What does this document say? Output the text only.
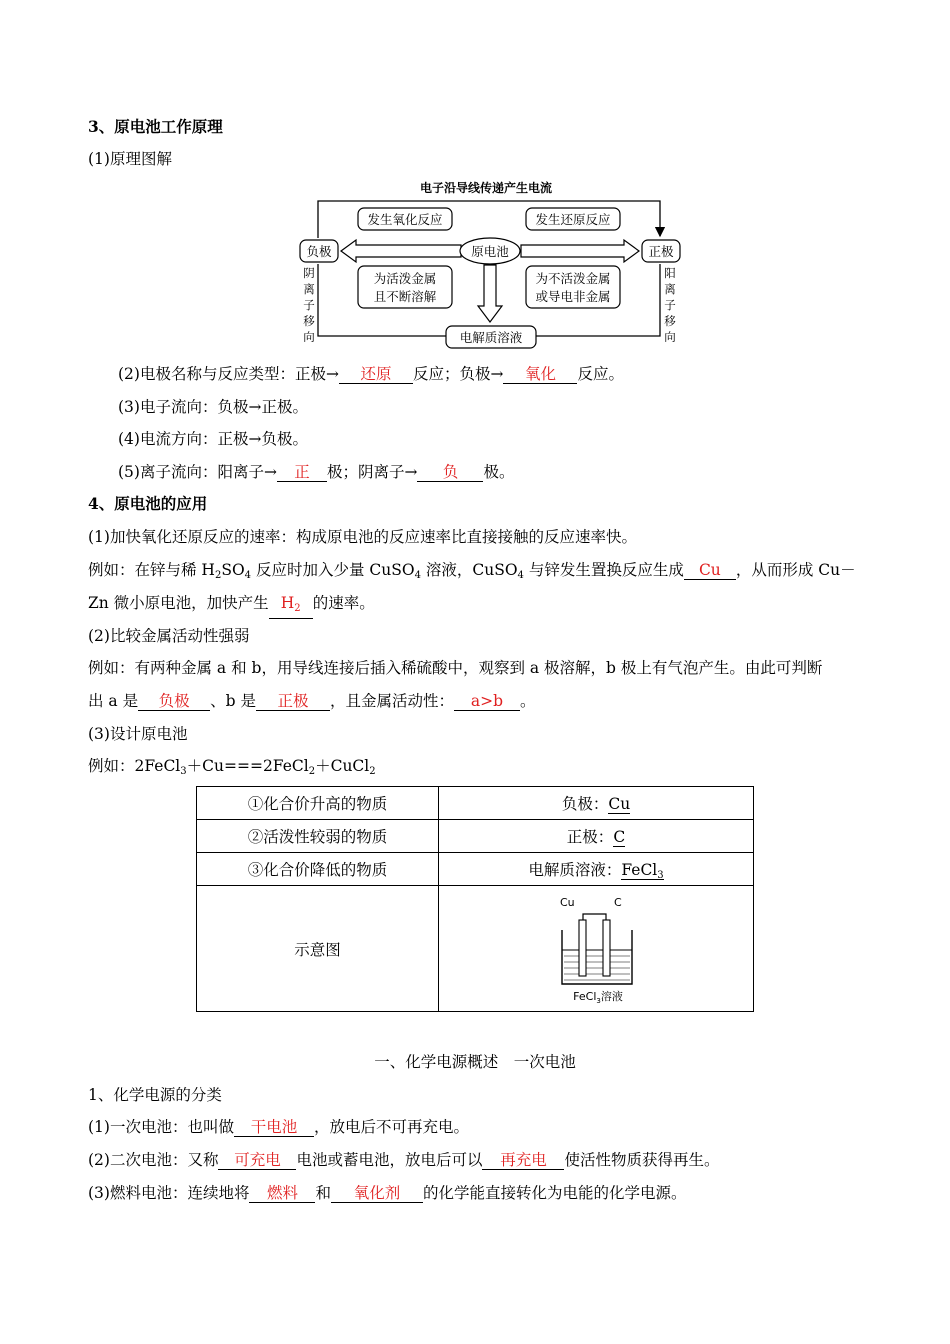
3、原电池工作原理
(1)原理图解
电子沿导线传递产生电流
负极	正极
发生氧化反应	发生还原反应
原电池
为活泼金属
且不断溶解
为不活泼金属
或导电非金属
电解质溶液
阴
离
子
移
向
阳
离
子
移
向
(2)电极名称与反应类型：正极→ 还原 反应；负极→ 氧化 反应。
(3)电子流向：负极→正极。
(4)电流方向：正极→负极。
(5)离子流向：阳离子→ 正 极；阴离子→ 负 极。
4、原电池的应用
(1)加快氧化还原反应的速率：构成原电池的反应速率比直接接触的反应速率快。
例如：在锌与稀 $H_2SO_4$ 反应时加入少量 CuSO$_4$ 溶液，CuSO$_4$ 与锌发生置换反应生成 Cu ，从而形成 Cu－
Zn 微小原电池，加快产生 $H_2$ 的速率。
(2)比较金属活动性强弱
例如：有两种金属 a 和 b，用导线连接后插入稀硫酸中，观察到 a 极溶解，b 极上有气泡产生。由此可判断
出 a 是 负极 、b 是 正极 ，且金属活动性： a>b 。
(3)设计原电池
例如：2FeCl$_3$＋Cu===2FeCl$_2$＋CuCl$_2$
①化合价升高的物质	负极：Cu
②活泼性较弱的物质	正极：C
③化合价降低的物质	电解质溶液：FeCl$_3$
示意图	Cu C
FeCl$_3$溶液
一、化学电源概述　一次电池
1、化学电源的分类
(1)一次电池：也叫做 干电池 ，放电后不可再充电。
(2)二次电池：又称 可充电 电池或蓄电池，放电后可以 再充电 使活性物质获得再生。
(3)燃料电池：连续地将 燃料 和 氧化剂 的化学能直接转化为电能的化学电源。
